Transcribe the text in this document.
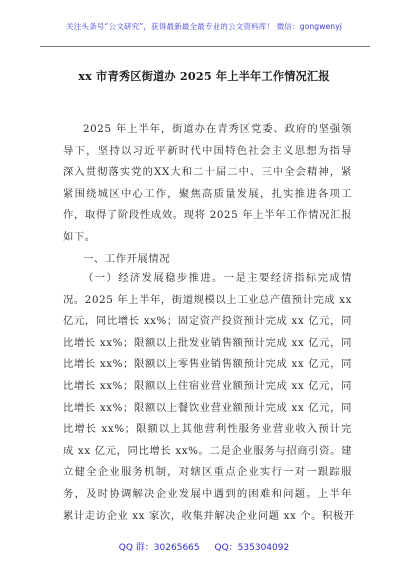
关注头条号“公文研究”，获得最新最全最专业的公文资料库！ 微信：gongwenyj
xx 市青秀区街道办 2025 年上半年工作情况汇报
2025 年上半年，街道办在青秀区党委、政府的坚强领
导下，坚持以习近平新时代中国特色社会主义思想为指导
深入贯彻落实党的XX大和二十届二中、三中全会精神，紧
紧围绕城区中心工作，聚焦高质量发展，扎实推进各项工
作，取得了阶段性成效。现将 2025 年上半年工作情况汇报
如下。
一、工作开展情况
（一）经济发展稳步推进。一是主要经济指标完成情
况。2025 年上半年，街道规模以上工业总产值预计完成 xx
亿元，同比增长 xx%；固定资产投资预计完成 xx 亿元，同
比增长 xx%；限额以上批发业销售额预计完成 xx 亿元，同
比增长 xx%；限额以上零售业销售额预计完成 xx 亿元，同
比增长 xx%；限额以上住宿业营业额预计完成 xx 亿元，同
比增长 xx%；限额以上餐饮业营业额预计完成 xx 亿元，同
比增长 xx%；限额以上其他营利性服务业营业收入预计完
成 xx 亿元，同比增长 xx%。二是企业服务与招商引资。建
立健全企业服务机制，对辖区重点企业实行一对一跟踪服
务，及时协调解决企业发展中遇到的困难和问题。上半年
累计走访企业 xx 家次，收集并解决企业问题 xx 个。积极开
QQ 群：30265665 QQ：535304092
